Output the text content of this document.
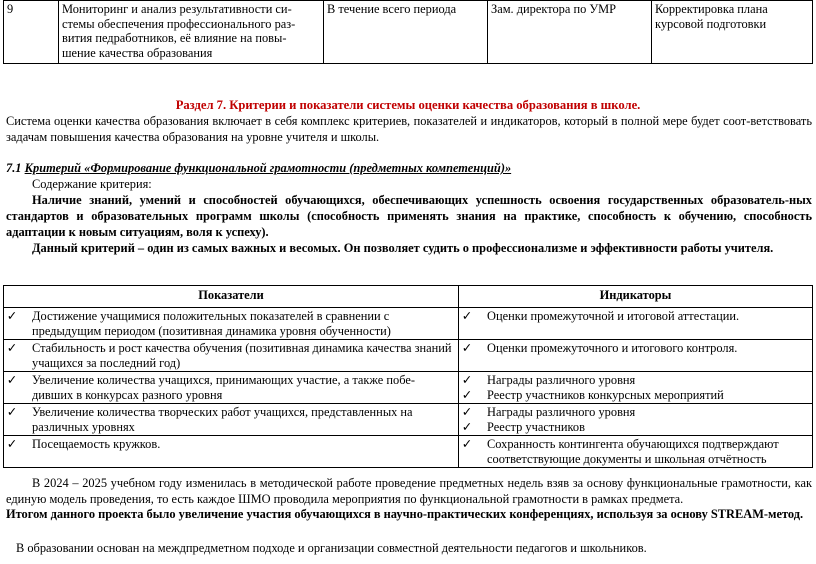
9	Мониторинг и анализ результативности си-стемы обеспечения профессионального раз-вития педработников, её влияние на повы-шение качества образования	В течение всего периода	Зам. директора по УМР	Корректировка плана курсовой подготовки
Раздел 7. Критерии и показатели системы оценки качества образования в школе.
Система оценки качества образования включает в себя комплекс критериев, показателей и индикаторов, который в полной мере будет соот-ветствовать задачам повышения качества образования на уровне учителя и школы.
7.1 Критерий «Формирование функциональной грамотности (предметных компетенций)»
Содержание критерия:
Наличие знаний, умений и способностей обучающихся, обеспечивающих успешность освоения государственных образователь-ных стандартов и образовательных программ школы (способность применять знания на практике, способность к обучению, способность адаптации к новым ситуациям, воля к успеху).
Данный критерий – один из самых важных и весомых. Он позволяет судить о профессионализме и эффективности работы учителя.
Показатели	Индикаторы

✓ Достижение учащимися положительных показателей в сравнении с предыдущим периодом (позитивная динамика уровня обученности)	✓ Оценки промежуточной и итоговой аттестации.

✓ Стабильность и рост качества обучения (позитивная динамика качества знаний учащихся за последний год)	✓ Оценки промежуточного и итогового контроля.

✓ Увеличение количества учащихся, принимающих участие, а также побе-дивших в конкурсах разного уровня	✓ Награды различного уровня
✓ Реестр участников конкурсных мероприятий

✓ Увеличение количества творческих работ учащихся, представленных на различных уровнях	✓ Награды различного уровня
✓ Реестр участников

✓ Посещаемость кружков.	✓ Сохранность контингента обучающихся подтверждают соответствующие документы и школьная отчётность
В 2024 – 2025 учебном году изменилась в методической работе проведение предметных недель взяв за основу функциональные грамотности, как единую модель проведения, то есть каждое ШМО проводила мероприятия по функциональной грамотности в рамках предмета.
Итогом данного проекта было увеличение участия обучающихся в научно-практических конференциях, используя за основу STREAM-метод.
В образовании основан на междпредметном подходе и организации совместной деятельности педагогов и школьников.
